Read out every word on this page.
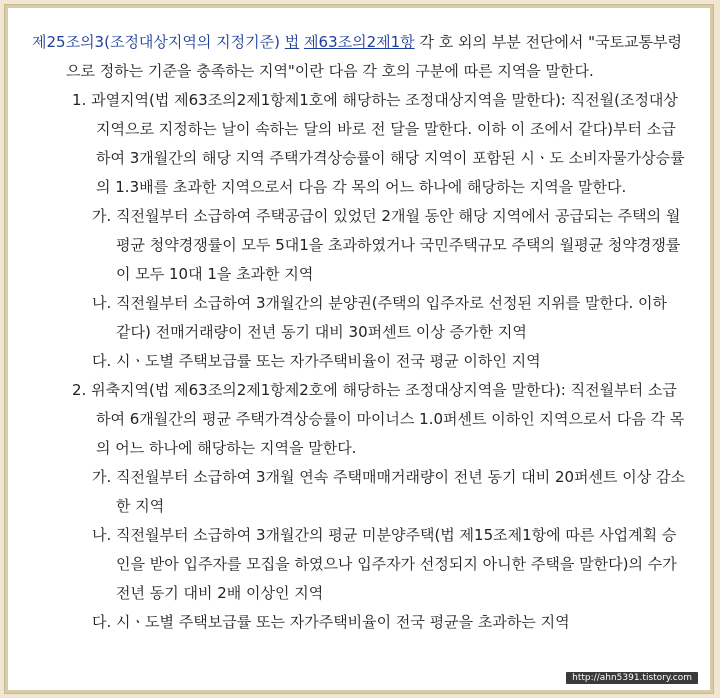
제25조의3(조정대상지역의 지정기준) 법 제63조의2제1항 각 호 외의 부분 전단에서 "국토교통부령으로 정하는 기준을 충족하는 지역"이란 다음 각 호의 구분에 따른 지역을 말한다.

1. 과열지역(법 제63조의2제1항제1호에 해당하는 조정대상지역을 말한다): 직전월(조정대상지역으로 지정하는 날이 속하는 달의 바로 전 달을 말한다. 이하 이 조에서 같다)부터 소급하여 3개월간의 해당 지역 주택가격상승률이 해당 지역이 포함된 시ㆍ도 소비자물가상승률의 1.3배를 초과한 지역으로서 다음 각 목의 어느 하나에 해당하는 지역을 말한다.

가. 직전월부터 소급하여 주택공급이 있었던 2개월 동안 해당 지역에서 공급되는 주택의 월평균 청약경쟁률이 모두 5대1을 초과하였거나 국민주택규모 주택의 월평균 청약경쟁률이 모두 10대 1을 초과한 지역

나. 직전월부터 소급하여 3개월간의 분양권(주택의 입주자로 선정된 지위를 말한다. 이하 같다) 전매거래량이 전년 동기 대비 30퍼센트 이상 증가한 지역

다. 시ㆍ도별 주택보급률 또는 자가주택비율이 전국 평균 이하인 지역

2. 위축지역(법 제63조의2제1항제2호에 해당하는 조정대상지역을 말한다): 직전월부터 소급하여 6개월간의 평균 주택가격상승률이 마이너스 1.0퍼센트 이하인 지역으로서 다음 각 목의 어느 하나에 해당하는 지역을 말한다.

가. 직전월부터 소급하여 3개월 연속 주택매매거래량이 전년 동기 대비 20퍼센트 이상 감소한 지역

나. 직전월부터 소급하여 3개월간의 평균 미분양주택(법 제15조제1항에 따른 사업계획 승인을 받아 입주자를 모집을 하였으나 입주자가 선정되지 아니한 주택을 말한다)의 수가 전년 동기 대비 2배 이상인 지역

다. 시ㆍ도별 주택보급률 또는 자가주택비율이 전국 평균을 초과하는 지역

http://ahn5391.tistory.com
